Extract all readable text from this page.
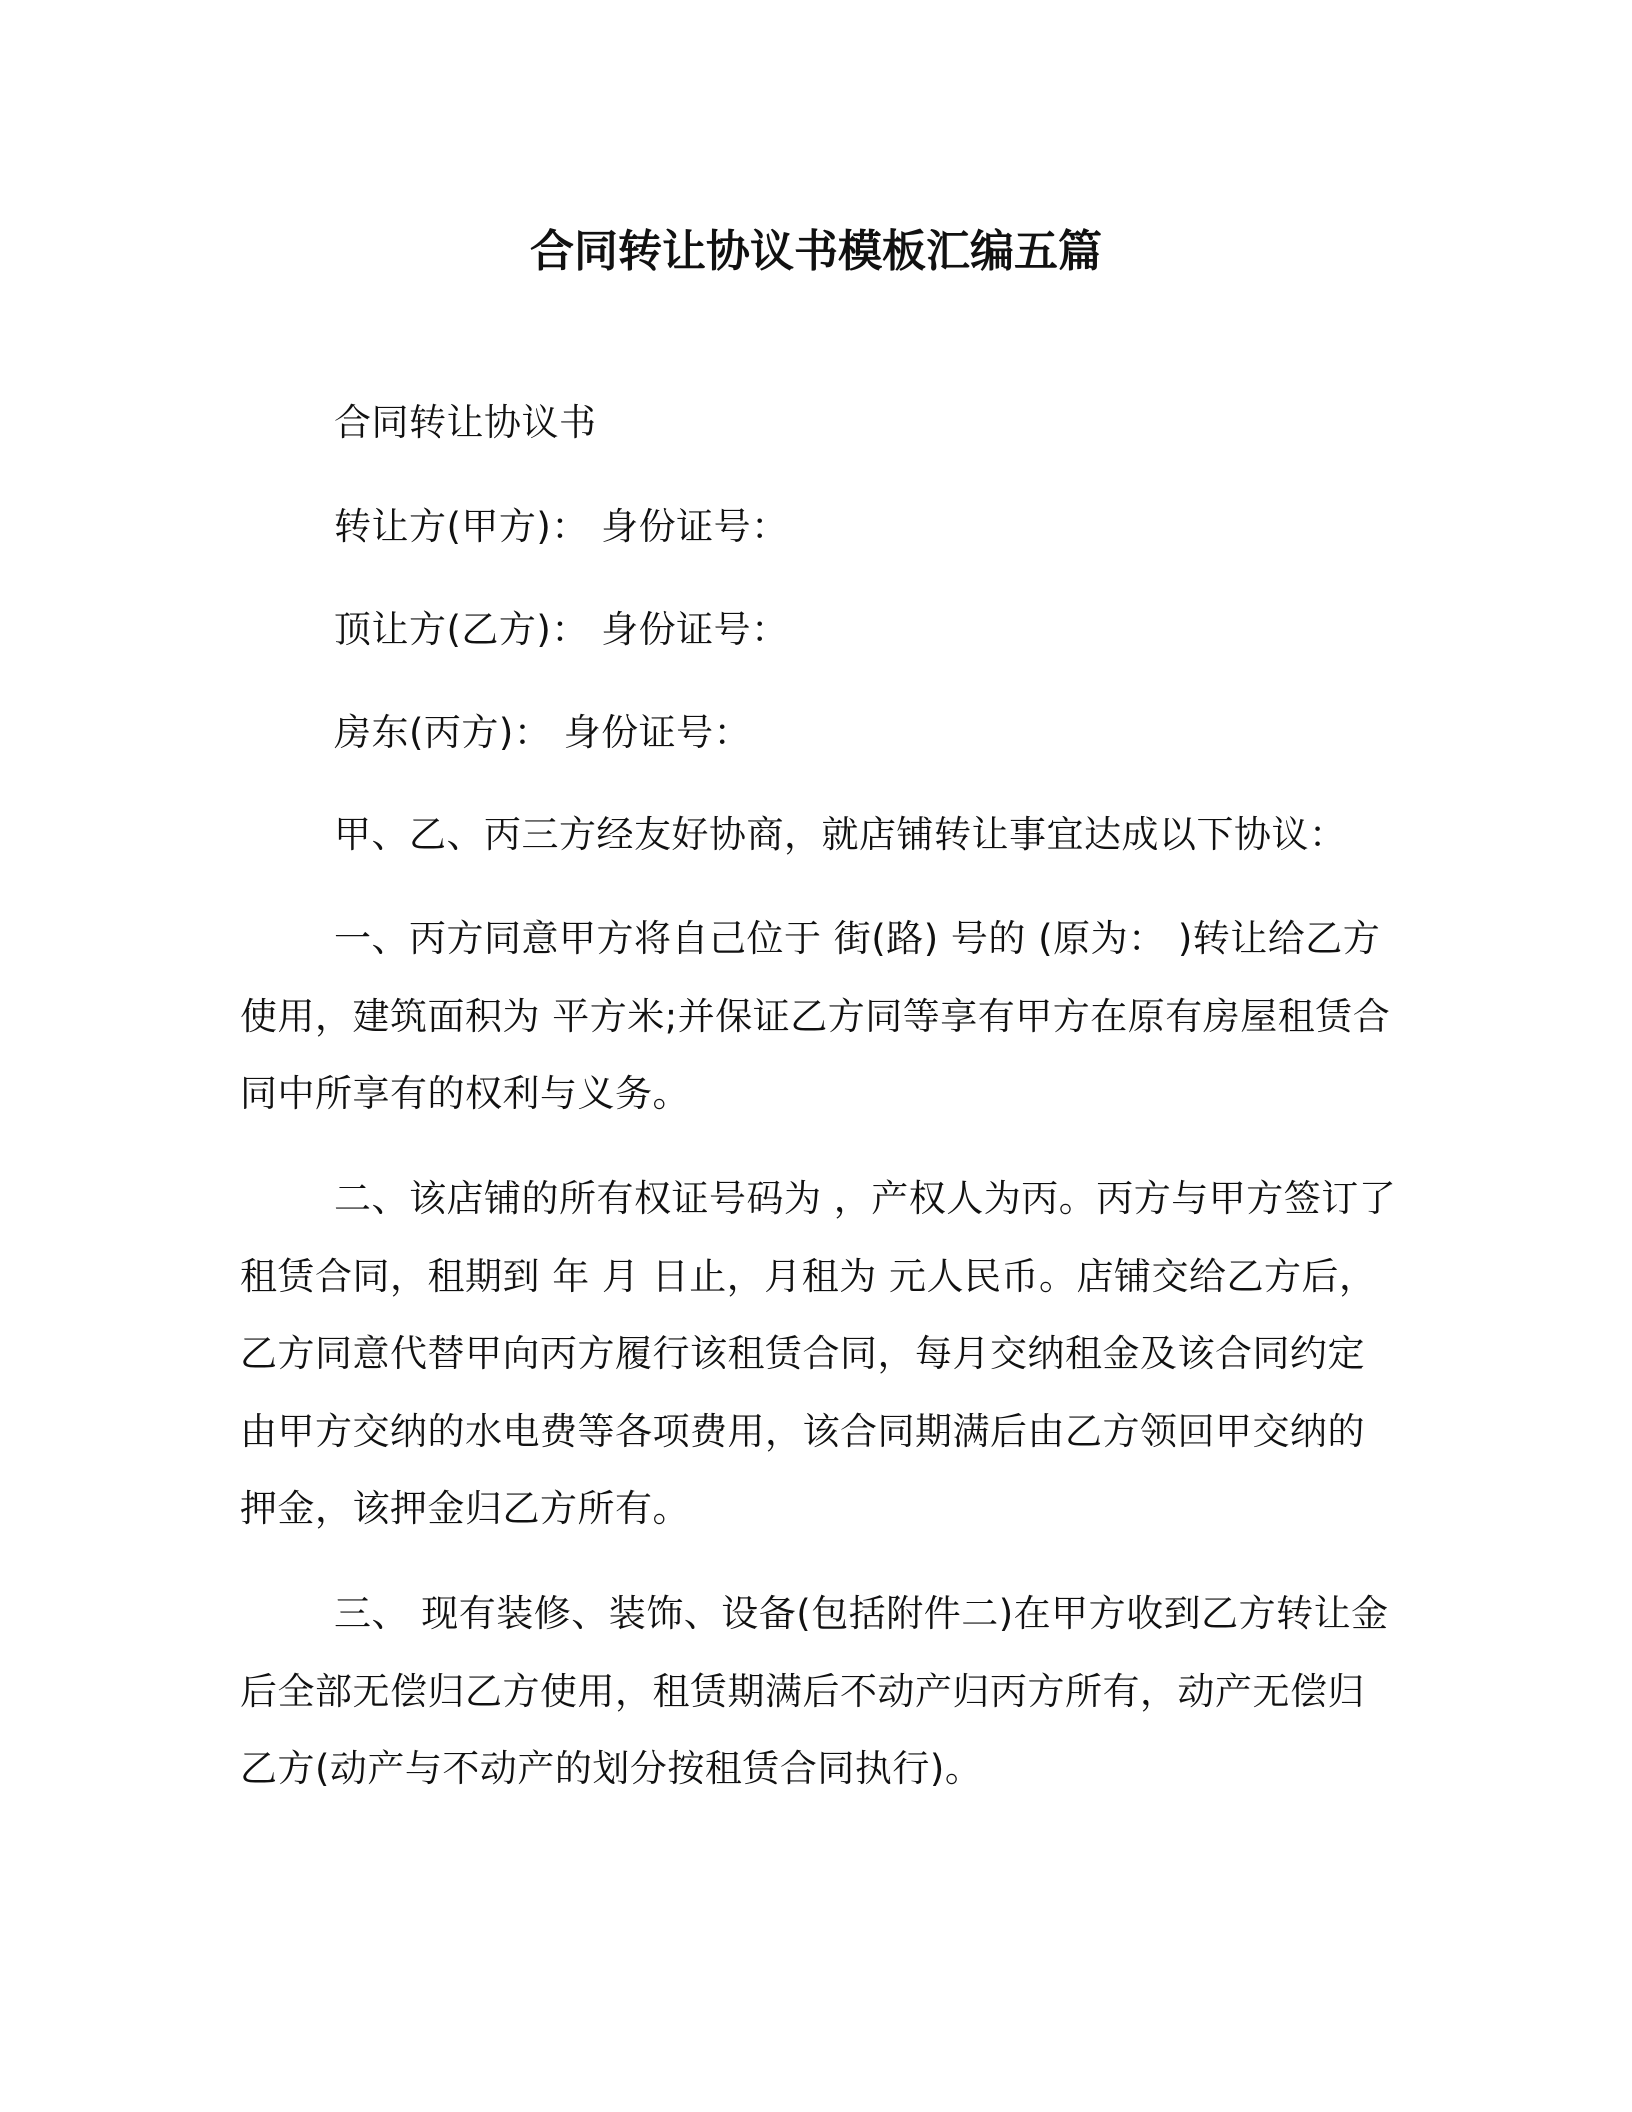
合同转让协议书模板汇编五篇
合同转让协议书
转让方(甲方)： 身份证号：
顶让方(乙方)： 身份证号：
房东(丙方)： 身份证号：
甲、乙、丙三方经友好协商，就店铺转让事宜达成以下协议：
一、丙方同意甲方将自己位于 街(路) 号的 (原为： )转让给乙方
使用，建筑面积为 平方米;并保证乙方同等享有甲方在原有房屋租赁合
同中所享有的权利与义务。
二、该店铺的所有权证号码为 ，产权人为丙。丙方与甲方签订了
租赁合同，租期到 年 月 日止，月租为 元人民币。店铺交给乙方后，
乙方同意代替甲向丙方履行该租赁合同，每月交纳租金及该合同约定
由甲方交纳的水电费等各项费用，该合同期满后由乙方领回甲交纳的
押金，该押金归乙方所有。
三、 现有装修、装饰、设备(包括附件二)在甲方收到乙方转让金
后全部无偿归乙方使用，租赁期满后不动产归丙方所有，动产无偿归
乙方(动产与不动产的划分按租赁合同执行)。
